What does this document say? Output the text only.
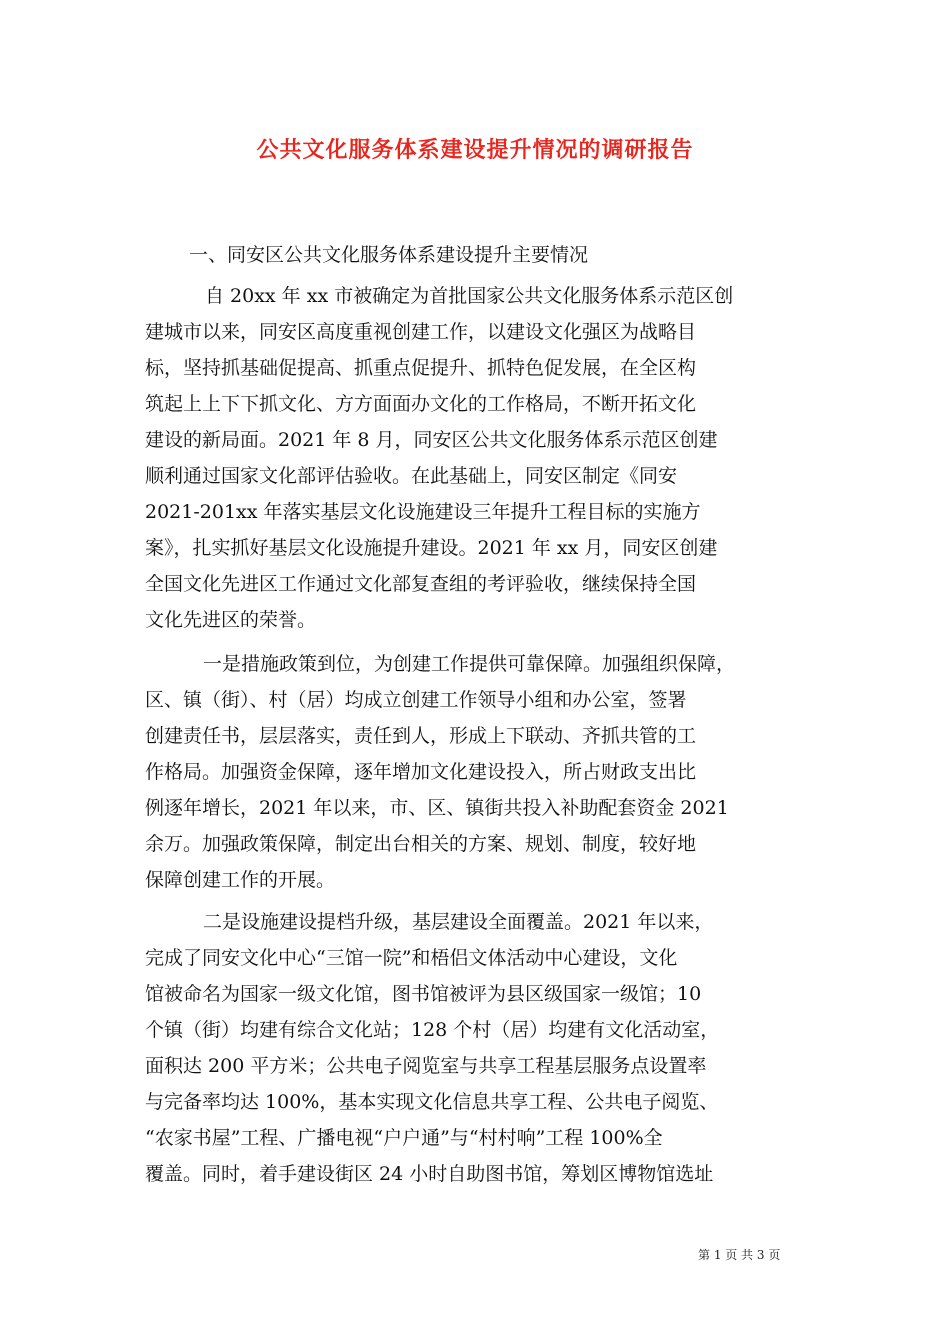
公共文化服务体系建设提升情况的调研报告
一、同安区公共文化服务体系建设提升主要情况
自 20xx 年 xx 市被确定为首批国家公共文化服务体系示范区创
建城市以来，同安区高度重视创建工作，以建设文化强区为战略目
标，坚持抓基础促提高、抓重点促提升、抓特色促发展，在全区构
筑起上上下下抓文化、方方面面办文化的工作格局，不断开拓文化
建设的新局面。2021 年 8 月，同安区公共文化服务体系示范区创建
顺利通过国家文化部评估验收。在此基础上，同安区制定《同安
2021-201xx 年落实基层文化设施建设三年提升工程目标的实施方
案》，扎实抓好基层文化设施提升建设。2021 年 xx 月，同安区创建
全国文化先进区工作通过文化部复查组的考评验收，继续保持全国
文化先进区的荣誉。
一是措施政策到位，为创建工作提供可靠保障。加强组织保障，
区、镇（街）、村（居）均成立创建工作领导小组和办公室，签署
创建责任书，层层落实，责任到人，形成上下联动、齐抓共管的工
作格局。加强资金保障，逐年增加文化建设投入，所占财政支出比
例逐年增长，2021 年以来，市、区、镇街共投入补助配套资金 2021
余万。加强政策保障，制定出台相关的方案、规划、制度，较好地
保障创建工作的开展。
二是设施建设提档升级，基层建设全面覆盖。2021 年以来，
完成了同安文化中心“三馆一院”和梧侣文体活动中心建设，文化
馆被命名为国家一级文化馆，图书馆被评为县区级国家一级馆；10
个镇（街）均建有综合文化站；128 个村（居）均建有文化活动室，
面积达 200 平方米；公共电子阅览室与共享工程基层服务点设置率
与完备率均达 100%，基本实现文化信息共享工程、公共电子阅览、
“农家书屋”工程、广播电视“户户通”与“村村响”工程 100%全
覆盖。同时，着手建设街区 24 小时自助图书馆，筹划区博物馆选址
第 1 页 共 3 页
